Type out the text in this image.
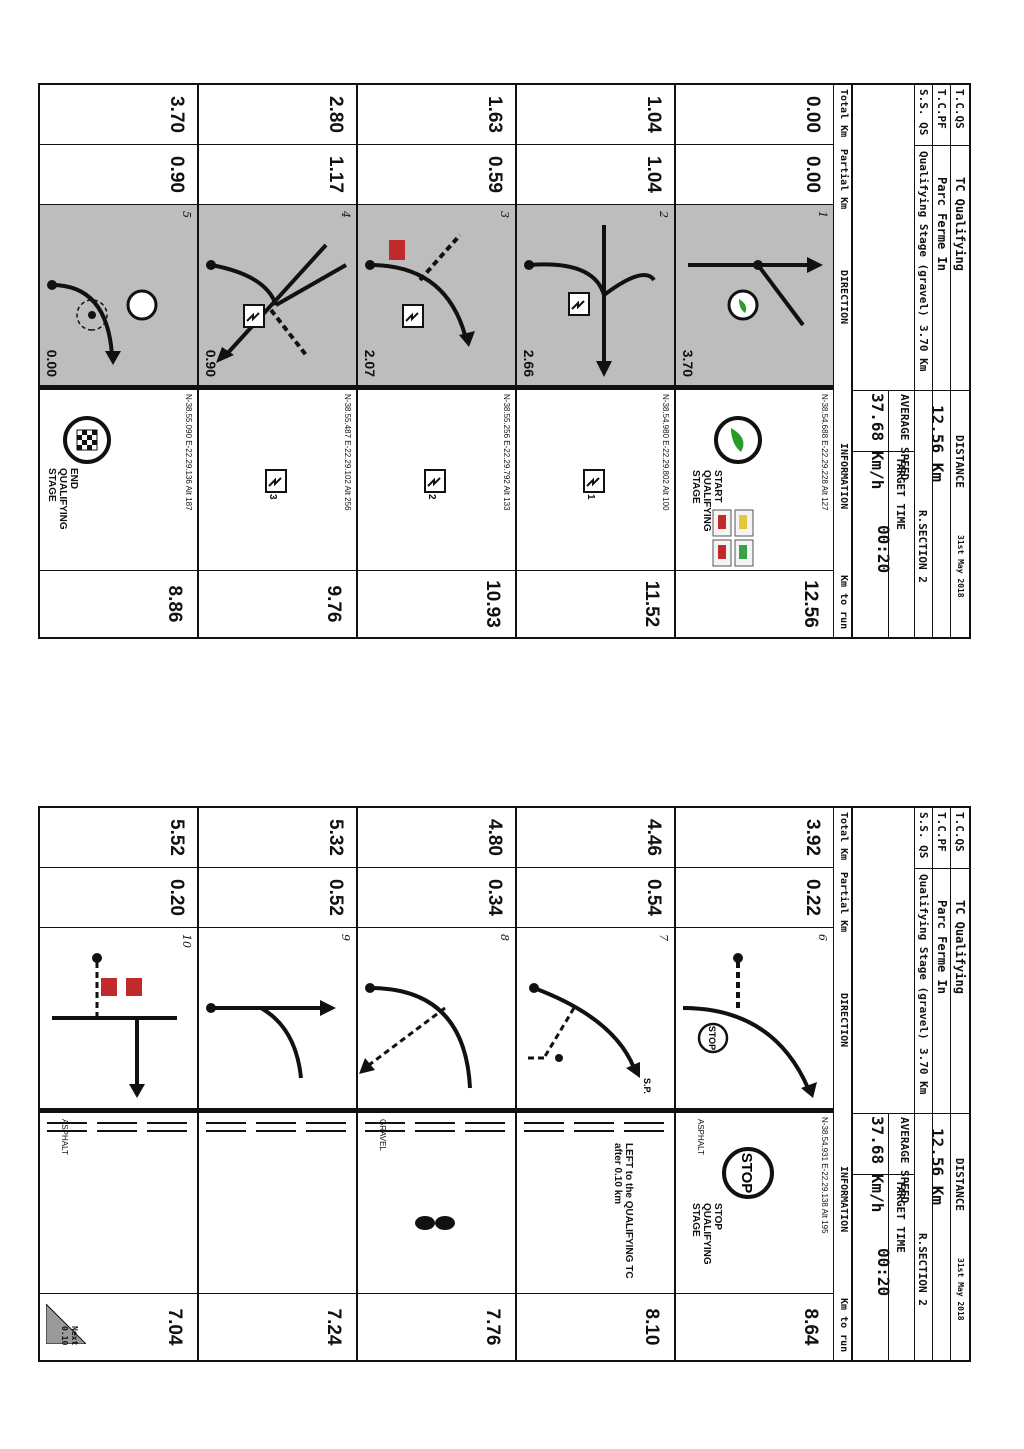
T.C.QS
TC Qualifying
T.C.PF
Parc Ferme In
S.S. QS
Qualifying Stage (gravel)
3.70 Km
DISTANCE
12.56 Km
31st May 2018
R.SECTION 2
AVERAGE SPEED
37.68 Km/h
TARGET TIME
00:20
Total Km
Partial Km
DIRECTION
INFORMATION
Km to run
0.00
0.00
1
3.70
N-38.54.688 E-22.29.228 Alt 127
START
QUALIFYING
STAGE
12.56
1.04
1.04
2
2.66
N-38.54.980 E-22.29.802 Alt 100
1
11.52
1.63
0.59
3
2.07
N-38.55.256 E-22.29.792 Alt 133
2
10.93
2.80
1.17
4
0.90
N-38.55.487 E-22.29.102 Alt 256
3
9.76
3.70
0.90
5
0.00
N-38.55.090 E-22.29.136 Alt 187
END
QUALIFYING
STAGE
8.86
T.C.QS
TC Qualifying
T.C.PF
Parc Ferme In
S.S. QS
Qualifying Stage (gravel)
3.70 Km
DISTANCE
12.56 Km
31st May 2018
R.SECTION 2
AVERAGE SPEED
37.68 Km/h
TARGET TIME
00:20
Total Km
Partial Km
DIRECTION
INFORMATION
Km to run
3.92
0.22
STOP
6
N-38.54.931 E-22.29.138 Alt 195
STOP
STOP
QUALIFYING
STAGE
ASPHALT
8.64
4.46
0.54
S.P.
7
LEFT to the QUALIFYING TC
after 0.10 km
8.10
4.80
0.34
8
GRAVEL
7.76
5.32
0.52
9
7.24
5.52
0.20
10
ASPHALT
7.04
Next
0.10
